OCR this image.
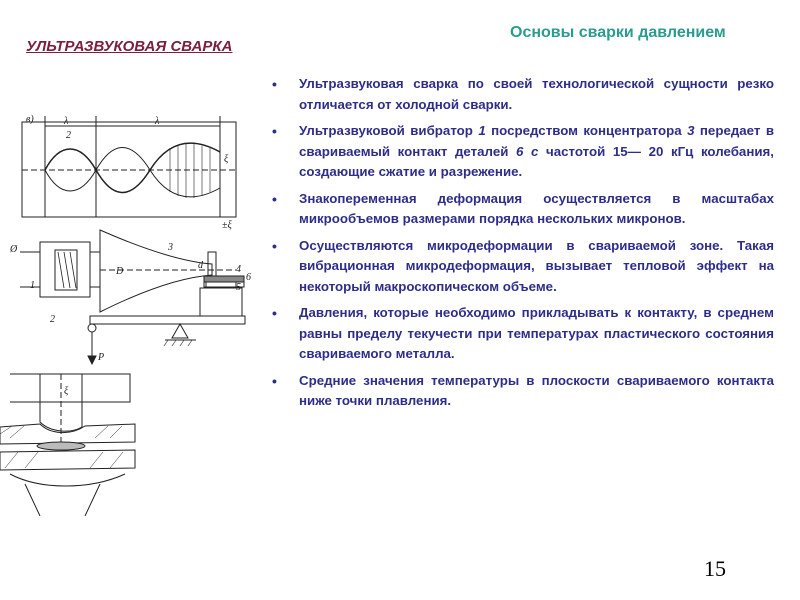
Основы сварки давлением
УЛЬТРАЗВУКОВАЯ СВАРКА
• Ультразвуковая сварка по своей технологической сущности резко отличается от холодной сварки.
• Ультразвуковой вибратор 1 посредством концентратора 3 передает в свариваемый контакт деталей 6 с частотой 15— 20 кГц колебания, создающие сжатие и разрежение.
• Знакопеременная деформация осуществляется в масштабах микрообъемов размерами порядка нескольких микронов.
• Осуществляются микродеформации в свариваемой зоне. Такая вибрационная микродеформация, вызывает тепловой эффект на некоторый макроскопическом объеме.
• Давления, которые необходимо прикладывать к контакту, в среднем равны пределу текучести при температурах пластического состояния свариваемого металла.
• Средние значения температуры в плоскости свариваемого контакта ниже точки плавления.
в)	λ
2
λ
ξ
±ξ
Ø
1
2
3
4
5
6
d
D
P
ξ
15
